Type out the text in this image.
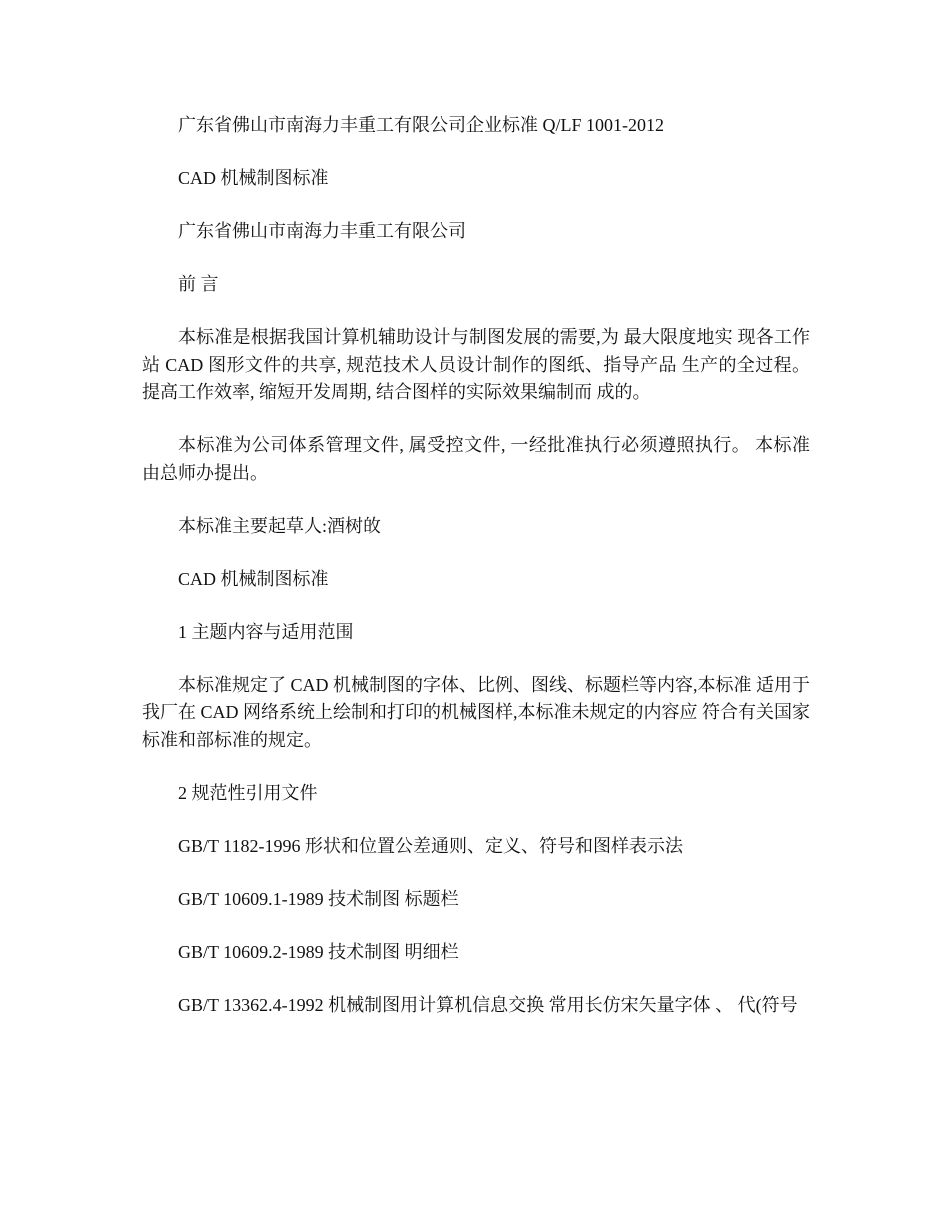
广东省佛山市南海力丰重工有限公司企业标准 Q/LF 1001-2012

CAD 机械制图标准

广东省佛山市南海力丰重工有限公司

前 言

本标准是根据我国计算机辅助设计与制图发展的需要,为 最大限度地实 现各工作站 CAD 图形文件的共享, 规范技术人员设计制作的图纸、指导产品 生产的全过程。 提高工作效率, 缩短开发周期, 结合图样的实际效果编制而 成的。

本标准为公司体系管理文件, 属受控文件, 一经批准执行必须遵照执行。 本标准由总师办提出。

本标准主要起草人:酒树敀

CAD 机械制图标准

1 主题内容与适用范围

本标准规定了 CAD 机械制图的字体、比例、图线、标题栏等内容,本标准 适用于我厂在 CAD 网络系统上绘制和打印的机械图样,本标准未规定的内容应 符合有关国家标准和部标准的规定。

2 规范性引用文件

GB/T 1182-1996 形状和位置公差通则、定义、符号和图样表示法

GB/T 10609.1-1989 技术制图 标题栏

GB/T 10609.2-1989 技术制图 明细栏

GB/T 13362.4-1992 机械制图用计算机信息交换 常用长仿宋矢量字体 、 代(符号
